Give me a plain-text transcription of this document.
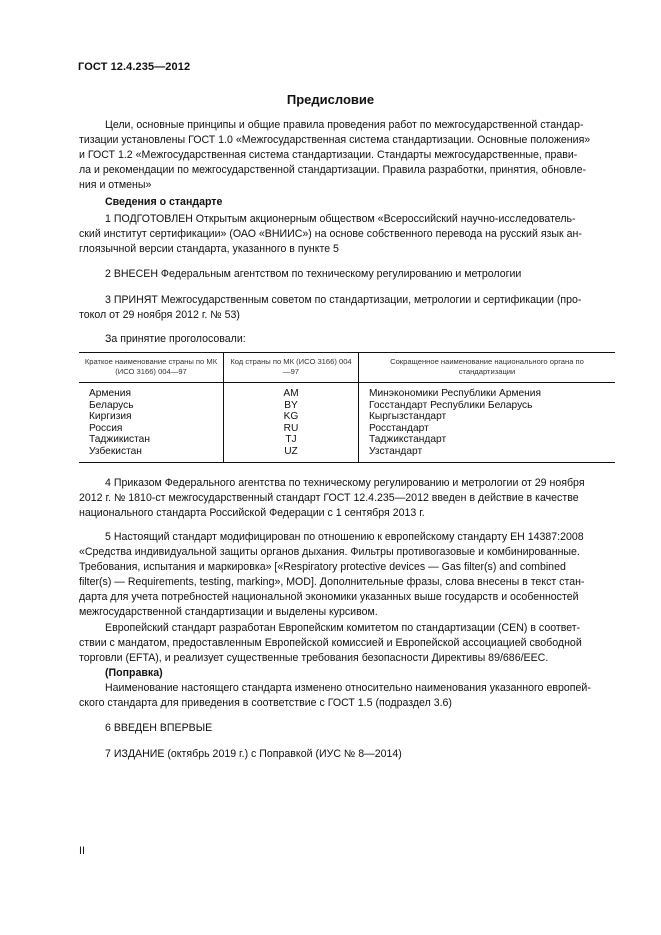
ГОСТ 12.4.235—2012
Предисловие
Цели, основные принципы и общие правила проведения работ по межгосударственной стандар-
тизации установлены ГОСТ 1.0 «Межгосударственная система стандартизации. Основные положения»
и ГОСТ 1.2 «Межгосударственная система стандартизации. Стандарты межгосударственные, прави-
ла и рекомендации по межгосударственной стандартизации. Правила разработки, принятия, обновле-
ния и отмены»
Сведения о стандарте
1 ПОДГОТОВЛЕН Открытым акционерным обществом «Всероссийский научно-исследователь-
ский институт сертификации» (ОАО «ВНИИС») на основе собственного перевода на русский язык ан-
глоязычной версии стандарта, указанного в пункте 5
2 ВНЕСЕН Федеральным агентством по техническому регулированию и метрологии
3 ПРИНЯТ Межгосударственным советом по стандартизации, метрологии и сертификации (про-
токол от 29 ноября 2012 г. № 53)
За принятие проголосовали:
Краткое наименование страны по МК (ИСО 3166) 004—97	Код страны по МК (ИСО 3166) 004—97	Сокращенное наименование национального органа по стандартизации
Армения	AM	Минэкономики Республики Армения
Беларусь	BY	Госстандарт Республики Беларусь
Киргизия	KG	Кыргызстандарт
Россия	RU	Росстандарт
Таджикистан	TJ	Таджикстандарт
Узбекистан	UZ	Узстандарт
4 Приказом Федерального агентства по техническому регулированию и метрологии от 29 ноября
2012 г. № 1810-ст межгосударственный стандарт ГОСТ 12.4.235—2012 введен в действие в качестве
национального стандарта Российской Федерации с 1 сентября 2013 г.
5 Настоящий стандарт модифицирован по отношению к европейскому стандарту ЕН 14387:2008
«Средства индивидуальной защиты органов дыхания. Фильтры противогазовые и комбинированные.
Требования, испытания и маркировка» [«Respiratory protective devices — Gas filter(s) and combined
filter(s) — Requirements, testing, marking», MOD]. Дополнительные фразы, слова внесены в текст стан-
дарта для учета потребностей национальной экономики указанных выше государств и особенностей
межгосударственной стандартизации и выделены курсивом.
Европейский стандарт разработан Европейским комитетом по стандартизации (CEN) в соответ-
ствии с мандатом, предоставленным Европейской комиссией и Европейской ассоциацией свободной
торговли (EFTA), и реализует существенные требования безопасности Директивы 89/686/EEC.
(Поправка)
Наименование настоящего стандарта изменено относительно наименования указанного европей-
ского стандарта для приведения в соответствие с ГОСТ 1.5 (подраздел 3.6)
6 ВВЕДЕН ВПЕРВЫЕ
7 ИЗДАНИЕ (октябрь 2019 г.) с Поправкой (ИУС № 8—2014)
II
